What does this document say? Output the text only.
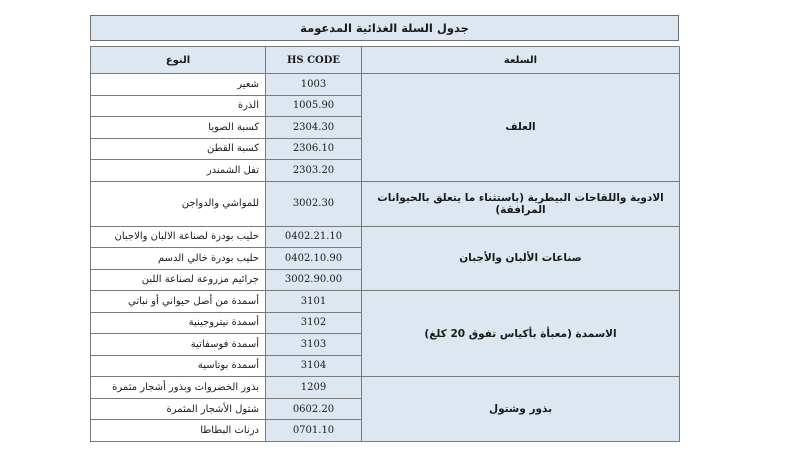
جدول السلة الغذائية المدعومة
السلعة	HS CODE	النوع
العلف	1003	شعير
	1005.90	الذرة
	2304.30	كسبة الصويا
	2306.10	كسبة القطن
	2303.20	تفل الشمندر
الادوية واللقاحات البيطرية (باستثناء ما يتعلق بالحيوانات المرافقة)	3002.30	للمواشي والدواجن
صناعات الألبان والأجبان	0402.21.10	حليب بودرة لصناعة الالبان والاجبان
	0402.10.90	حليب بودرة خالي الدسم
	3002.90.00	جرائيم مزروعة لصناعة اللبن
الاسمدة (معبأة بأكياس تفوق 20 كلغ)	3101	أسمدة من أصل حيواني أو نباتي
	3102	أسمدة نيتروجينية
	3103	أسمدة فوسفاتية
	3104	أسمدة بوتاسية
بذور وشتول	1209	بذور الخضروات وبذور أشجار مثمرة
	0602.20	شتول الأشجار المثمرة
	0701.10	درنات البطاطا
